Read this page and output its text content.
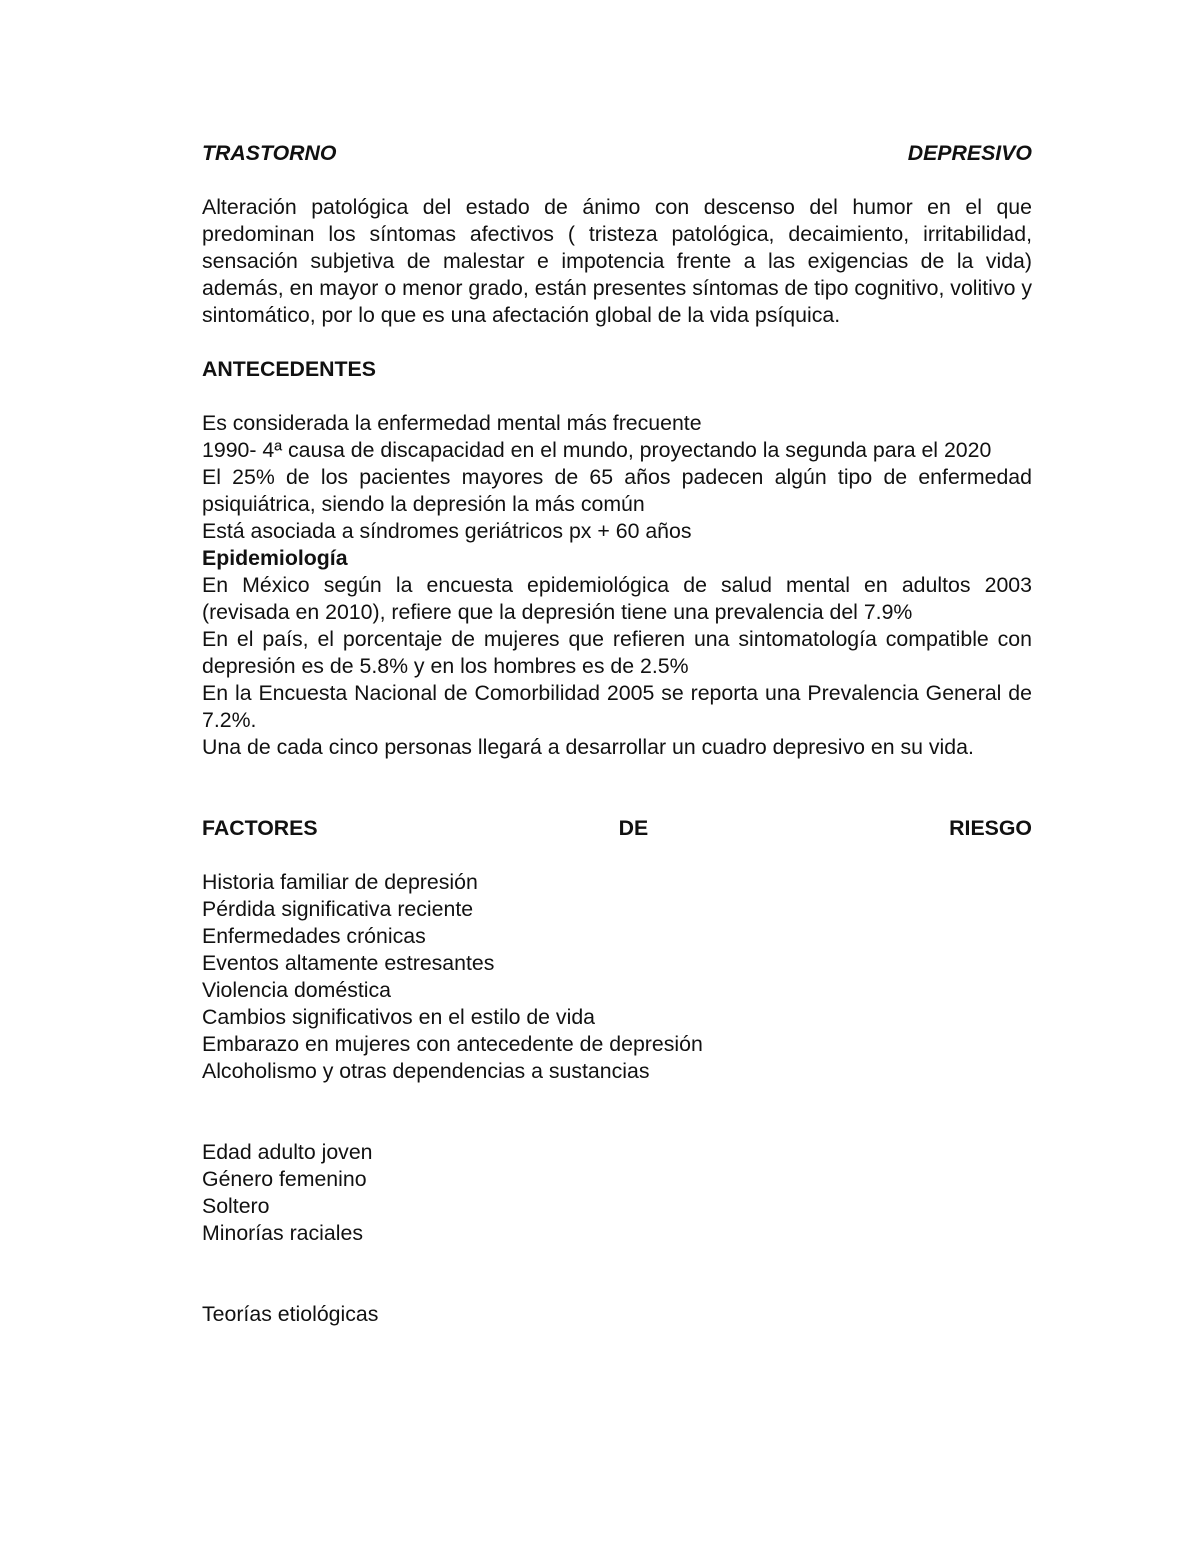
TRASTORNO	DEPRESIVO

Alteración patológica del estado de ánimo con descenso del humor en el que predominan los síntomas afectivos ( tristeza patológica, decaimiento, irritabilidad, sensación subjetiva de malestar e impotencia frente a las exigencias de la vida) además, en mayor o menor grado, están presentes síntomas de tipo cognitivo, volitivo y sintomático, por lo que es una afectación global de la vida psíquica.

ANTECEDENTES

Es considerada la enfermedad mental más frecuente

1990- 4ª causa de discapacidad en el mundo, proyectando la segunda para el 2020

El 25% de los pacientes mayores de 65 años padecen algún tipo de enfermedad psiquiátrica, siendo la depresión la más común

Está asociada a síndromes geriátricos px + 60 años

Epidemiología

En México según la encuesta epidemiológica de salud mental en adultos 2003 (revisada en 2010), refiere que la depresión tiene una prevalencia del 7.9%

En el país, el porcentaje de mujeres que refieren una sintomatología compatible con depresión es de 5.8% y en los hombres es de 2.5%

En la Encuesta Nacional de Comorbilidad 2005 se reporta una Prevalencia General de 7.2%.

Una de cada cinco personas llegará a desarrollar un cuadro depresivo en su vida.

FACTORES	DE	RIESGO
Historia familiar de depresión
Pérdida significativa reciente
Enfermedades crónicas
Eventos altamente estresantes
Violencia doméstica
Cambios significativos en el estilo de vida
Embarazo en mujeres con antecedente de depresión
Alcoholismo y otras dependencias a sustancias
Edad adulto joven
Género femenino
Soltero
Minorías raciales
Teorías etiológicas
